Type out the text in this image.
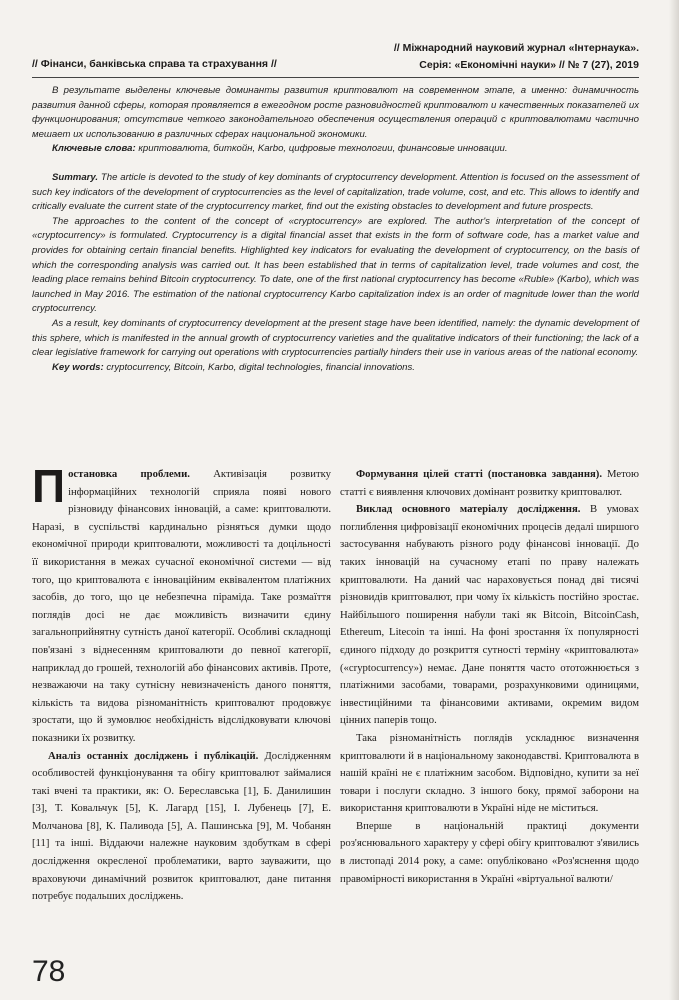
// Фінанси, банківська справа та страхування //
// Міжнародний науковий журнал «Інтернаука».
Серія: «Економічні науки» // № 7 (27), 2019

В результате выделены ключевые доминанты развития криптовалют на современном этапе, а именно: динамичность развития данной сферы, которая проявляется в ежегодном росте разновидностей криптовалют и качественных показателей их функционирования; отсутствие четкого законодательного обеспечения осуществления операций с криптовалютами частично мешает их использованию в различных сферах национальной экономики.

Ключевые слова: криптовалюта, биткойн, Karbo, цифровые технологии, финансовые инновации.

Summary. The article is devoted to the study of key dominants of cryptocurrency development. Attention is focused on the assessment of such key indicators of the development of cryptocurrencies as the level of capitalization, trade volume, cost, and etc. This allows to identify and critically evaluate the current state of the cryptocurrency market, find out the existing obstacles to development and future prospects.

The approaches to the content of the concept of «cryptocurrency» are explored. The author's interpretation of the concept of «cryptocurrency» is formulated. Cryptocurrency is a digital financial asset that exists in the form of software code, has a market value and provides for obtaining certain financial benefits. Highlighted key indicators for evaluating the development of cryptocurrency, on the basis of which the corresponding analysis was carried out. It has been established that in terms of capitalization level, trade volumes and cost, the leading place remains behind Bitcoin cryptocurrency. To date, one of the first national cryptocurrency has become «Ruble» (Karbo), which was launched in May 2016. The estimation of the national cryptocurrency Karbo capitalization index is an order of magnitude lower than the world cryptocurrency.

As a result, key dominants of cryptocurrency development at the present stage have been identified, namely: the dynamic development of this sphere, which is manifested in the annual growth of cryptocurrency varieties and the qualitative indicators of their functioning; the lack of a clear legislative framework for carrying out operations with cryptocurrencies partially hinders their use in various areas of the national economy.

Key words: cryptocurrency, Bitcoin, Karbo, digital technologies, financial innovations.

Постановка проблеми. Активізація розвитку інформаційних технологій сприяла появі нового різновиду фінансових інновацій, а саме: криптовалюти. Наразі, в суспільстві кардинально різняться думки щодо економічної природи криптовалюти, можливості та доцільності її використання в межах сучасної економічної системи — від того, що криптовалюта є інноваційним еквівалентом платіжних засобів, до того, що це небезпечна піраміда. Таке розмаїття поглядів досі не дає можливість визначити єдину загальноприйнятну сутність даної категорії. Особливі складнощі пов'язані з віднесенням криптовалюти до певної категорії, наприклад до грошей, технологій або фінансових активів. Проте, незважаючи на таку сутнісну невизначеність даного поняття, кількість та видова різноманітність криптовалют продовжує зростати, що й зумовлює необхідність відслідковувати ключові показники їх розвитку.

Аналіз останніх досліджень і публікацій. Дослідженням особливостей функціонування та обігу криптовалют займалися такі вчені та практики, як: О. Береславська [1], Б. Данилишин [3], Т. Ковальчук [5], К. Лагард [15], І. Лубенець [7], Е. Молчанова [8], К. Паливода [5], А. Пашинська [9], М. Чобанян [11] та інші. Віддаючи належне науковим здобуткам в сфері дослідження окресленої проблематики, варто зауважити, що враховуючи динамічний розвиток криптовалют, дане питання потребує подальших досліджень.

Формування цілей статті (постановка завдання). Метою статті є виявлення ключових домінант розвитку криптовалют.

Виклад основного матеріалу дослідження. В умовах поглиблення цифровізації економічних процесів дедалі ширшого застосування набувають різного роду фінансові інновації. До таких інновацій на сучасному етапі по праву належать криптовалюти. На даний час нараховується понад дві тисячі різновидів криптовалют, при чому їх кількість постійно зростає. Найбільшого поширення набули такі як Bitcoin, BitcoinCash, Ethereum, Litecoin та інші. На фоні зростання їх популярності єдиного підходу до розкриття сутності терміну «криптовалюта» («cryptocurrency») немає. Дане поняття часто ототожнюється з платіжними засобами, товарами, розрахунковими одиницями, інвестиційними та фінансовими активами, окремим видом цінних паперів тощо.

Така різноманітність поглядів ускладнює визначення криптовалюти й в національному законодавстві. Криптовалюта в нашій країні не є платіжним засобом. Відповідно, купити за неї товари і послуги складно. З іншого боку, прямої заборони на використання криптовалюти в Україні ніде не міститься.

Вперше в національній практиці документи роз'яснювального характеру у сфері обігу криптовалют з'явились в листопаді 2014 року, а саме: опубліковано «Роз'яснення щодо правомірності використання в Україні «віртуальної валюти/

78
